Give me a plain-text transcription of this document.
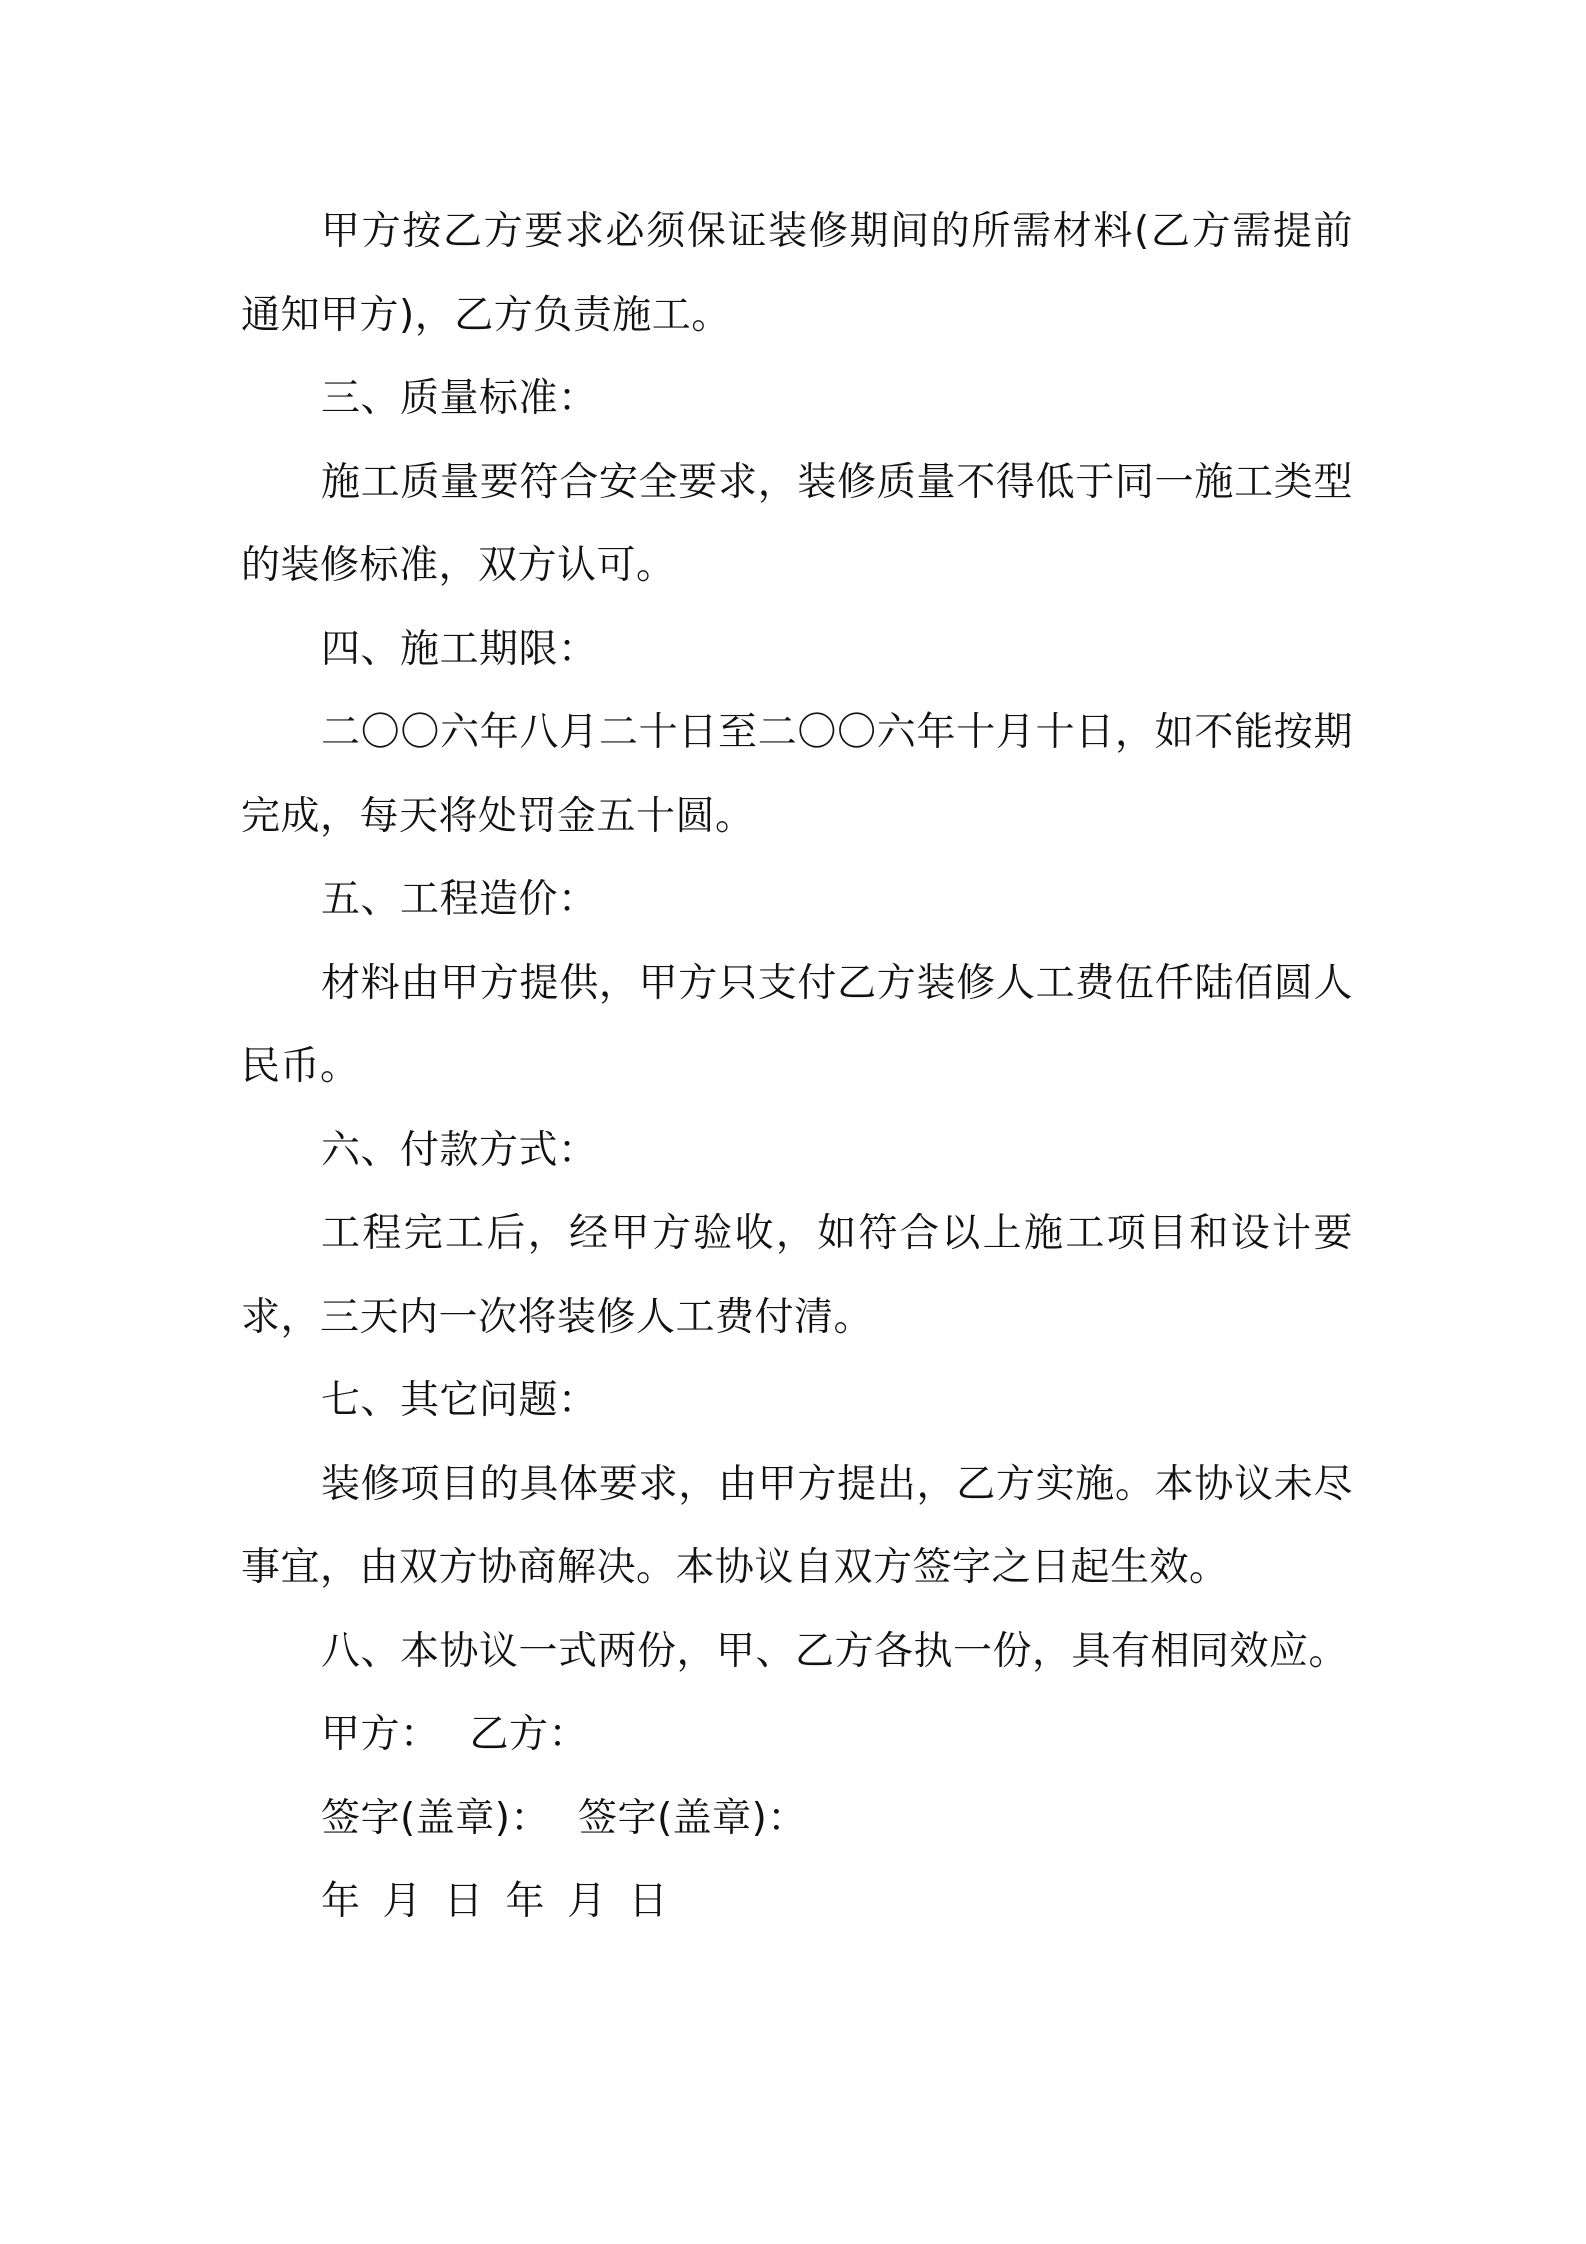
甲方按乙方要求必须保证装修期间的所需材料(乙方需提前通知甲方)，乙方负责施工。

三、质量标准：

施工质量要符合安全要求，装修质量不得低于同一施工类型的装修标准，双方认可。

四、施工期限：

二〇〇六年八月二十日至二〇〇六年十月十日，如不能按期完成，每天将处罚金五十圆。

五、工程造价：

材料由甲方提供，甲方只支付乙方装修人工费伍仟陆佰圆人民币。

六、付款方式：

工程完工后，经甲方验收，如符合以上施工项目和设计要求，三天内一次将装修人工费付清。

七、其它问题：

装修项目的具体要求，由甲方提出，乙方实施。本协议未尽事宜，由双方协商解决。本协议自双方签字之日起生效。

八、本协议一式两份，甲、乙方各执一份，具有相同效应。

甲方： 乙方：

签字(盖章)： 签字(盖章)：

年 月 日 年 月 日
